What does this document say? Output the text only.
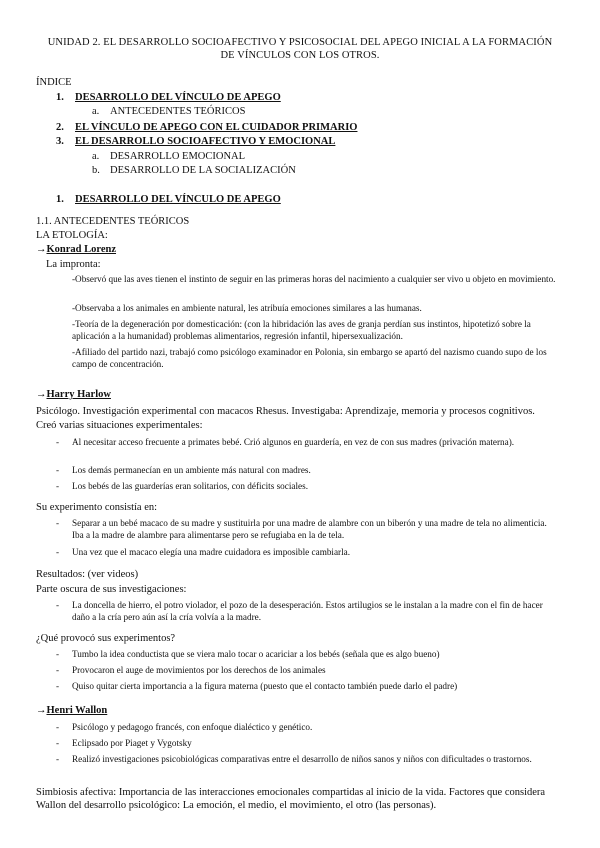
UNIDAD 2. EL DESARROLLO SOCIOAFECTIVO Y PSICOSOCIAL DEL APEGO INICIAL A LA FORMACIÓN DE VÍNCULOS CON LOS OTROS.
ÍNDICE
1. DESARROLLO DEL VÍNCULO DE APEGO
a. ANTECEDENTES TEÓRICOS
2. EL VÍNCULO DE APEGO CON EL CUIDADOR PRIMARIO
3. EL DESARROLLO SOCIOAFECTIVO Y EMOCIONAL
a. DESARROLLO EMOCIONAL
b. DESARROLLO DE LA SOCIALIZACIÓN
1. DESARROLLO DEL VÍNCULO DE APEGO
1.1. ANTECEDENTES TEÓRICOS
LA ETOLOGÍA:
→Konrad Lorenz
La impronta:
-Observó que las aves tienen el instinto de seguir en las primeras horas del nacimiento a cualquier ser vivo u objeto en movimiento.
-Observaba a los animales en ambiente natural, les atribuía emociones similares a las humanas.
-Teoría de la degeneración por domesticación: (con la hibridación las aves de granja perdían sus instintos, hipotetizó sobre la aplicación a la humanidad) problemas alimentarios, regresión infantil, hipersexualización.
-Afiliado del partido nazi, trabajó como psicólogo examinador en Polonia, sin embargo se apartó del nazismo cuando supo de los campo de concentración.
→Harry Harlow
Psicólogo. Investigación experimental con macacos Rhesus. Investigaba: Aprendizaje, memoria y procesos cognitivos.
Creó varias situaciones experimentales:
- Al necesitar acceso frecuente a primates bebé. Crió algunos en guardería, en vez de con sus madres (privación materna).
- Los demás permanecían en un ambiente más natural con madres.
- Los bebés de las guarderías eran solitarios, con déficits sociales.
Su experimento consistía en:
- Separar a un bebé macaco de su madre y sustituirla por una madre de alambre con un biberón y una madre de tela no alimenticia. Iba a la madre de alambre para alimentarse pero se refugiaba en la de tela.
- Una vez que el macaco elegía una madre cuidadora es imposible cambiarla.
Resultados: (ver videos)
Parte oscura de sus investigaciones:
- La doncella de hierro, el potro violador, el pozo de la desesperación. Estos artilugios se le instalan a la madre con el fin de hacer daño a la cría pero aún así la cría volvía a la madre.
¿Qué provocó sus experimentos?
- Tumbo la idea conductista que se viera malo tocar o acariciar a los bebés (señala que es algo bueno)
- Provocaron el auge de movimientos por los derechos de los animales
- Quiso quitar cierta importancia a la figura materna (puesto que el contacto también puede darlo el padre)
→Henri Wallon
- Psicólogo y pedagogo francés, con enfoque dialéctico y genético.
- Eclipsado por Piaget y Vygotsky
- Realizó investigaciones psicobiológicas comparativas entre el desarrollo de niños sanos y niños con dificultades o trastornos.
Simbiosis afectiva: Importancia de las interacciones emocionales compartidas al inicio de la vida. Factores que considera Wallon del desarrollo psicológico: La emoción, el medio, el movimiento, el otro (las personas).
